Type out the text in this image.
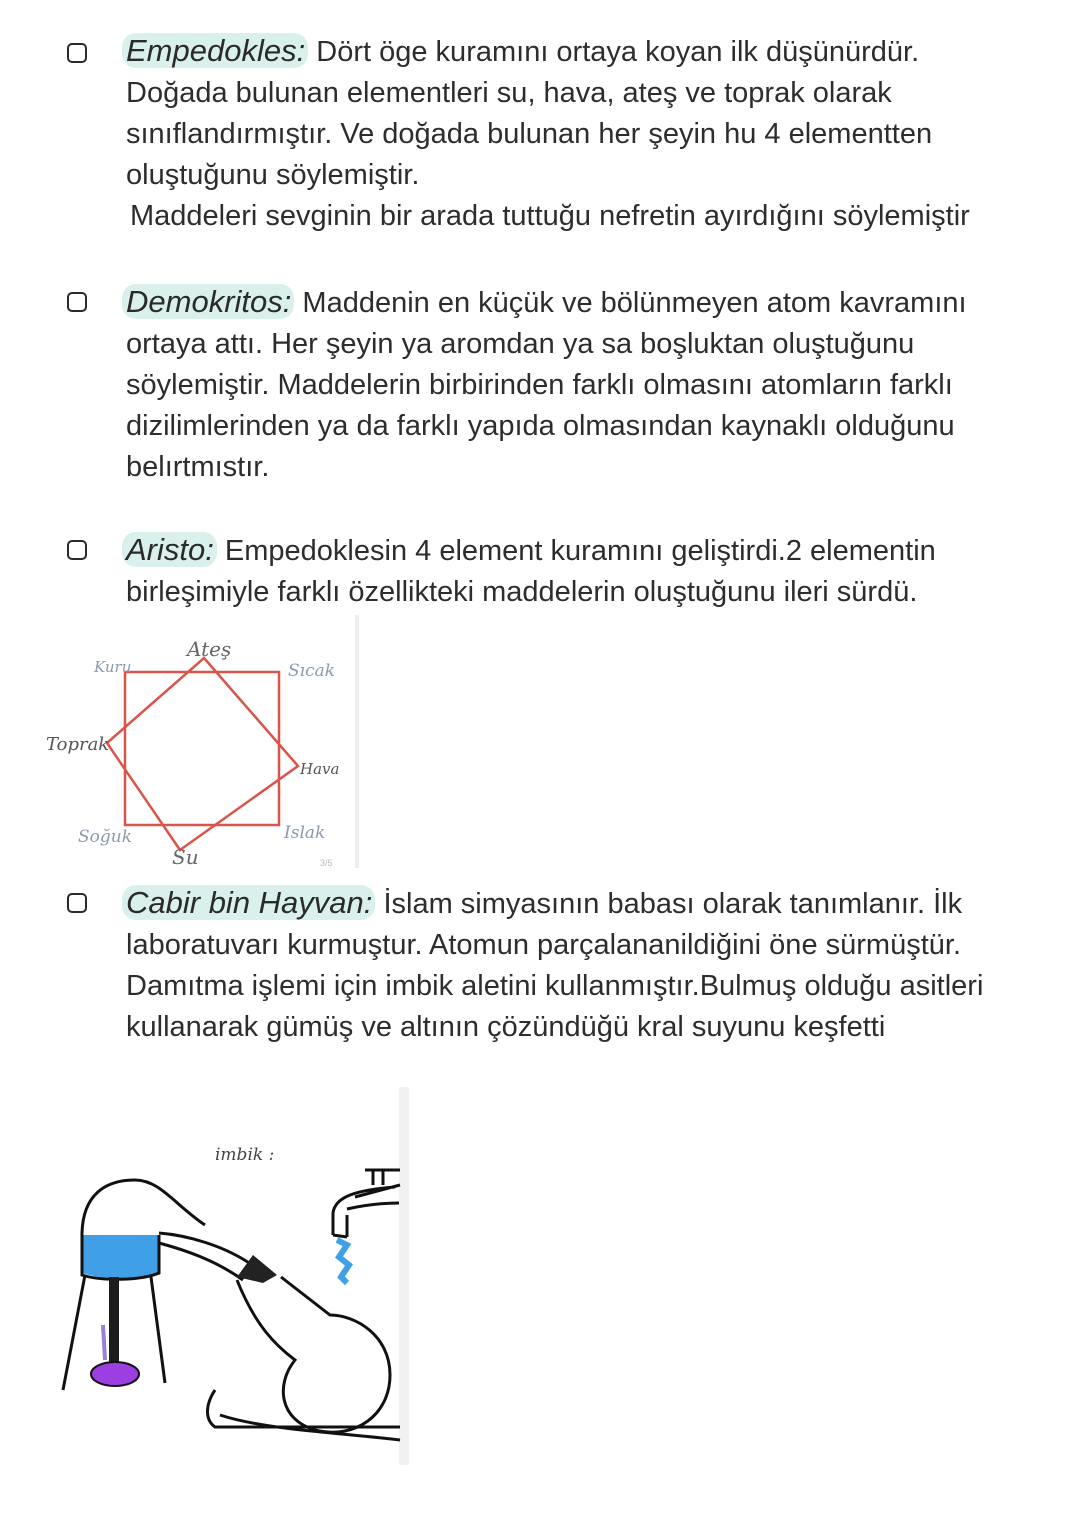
Empedokles: Dört öge kuramını ortaya koyan ilk düşünürdür.
Doğada bulunan elementleri su, hava, ateş ve toprak olarak
sınıflandırmıştır. Ve doğada bulunan her şeyin hu 4 elementten
oluştuğunu söylemiştir.
Maddeleri sevginin bir arada tuttuğu nefretin ayırdığını söylemiştir
Demokritos: Maddenin en küçük ve bölünmeyen atom kavramını
ortaya attı. Her şeyin ya aromdan ya sa boşluktan oluştuğunu
söylemiştir. Maddelerin birbirinden farklı olmasını atomların farklı
dizilimlerinden ya da farklı yapıda olmasından kaynaklı olduğunu
belırtmıstır.
Aristo: Empedoklesin 4 element kuramını geliştirdi.2 elementin
birleşimiyle farklı özellikteki maddelerin oluştuğunu ileri sürdü.
Ateş
Kuru	Sıcak
Toprak
Hava
Soğuk
Su
Islak
3/5
Cabir bin Hayvan: İslam simyasının babası olarak tanımlanır. İlk
laboratuvarı kurmuştur. Atomun parçalananildiğini öne sürmüştür.
Damıtma işlemi için imbik aletini kullanmıştır.Bulmuş olduğu asitleri
kullanarak gümüş ve altının çözündüğü kral suyunu keşfetti
imbik :
